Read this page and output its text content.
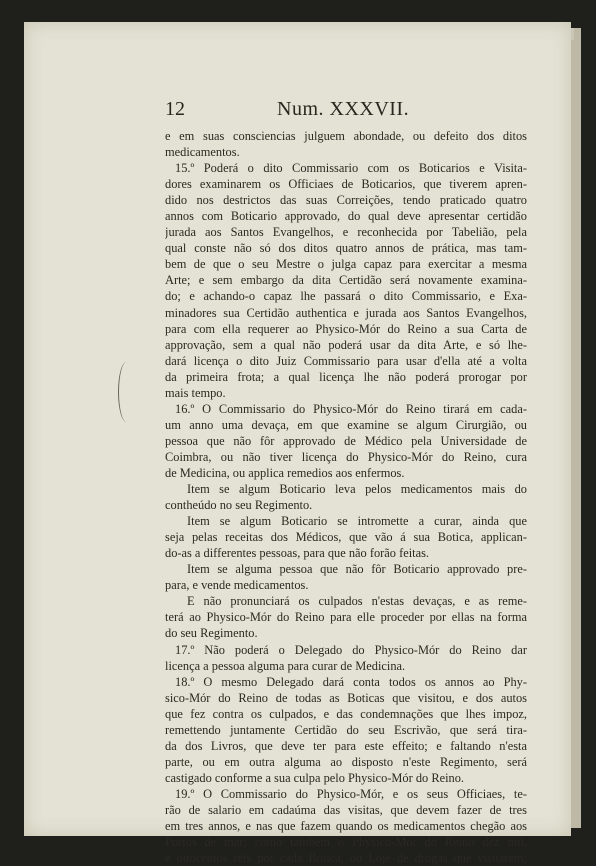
12	Num. XXXVII.
e em suas consciencias julguem abondade, ou defeito dos ditos
medicamentos.
15.º Poderá o dito Commissario com os Boticarios e Visita-
dores examinarem os Officiaes de Boticarios, que tiverem apren-
dido nos destrictos das suas Correições, tendo praticado quatro
annos com Boticario approvado, do qual deve apresentar certidão
jurada aos Santos Evangelhos, e reconhecida por Tabelião, pela
qual conste não só dos ditos quatro annos de prática, mas tam-
bem de que o seu Mestre o julga capaz para exercitar a mesma
Arte; e sem embargo da dita Certidão será novamente examina-
do; e achando-o capaz lhe passará o dito Commissario, e Exa-
minadores sua Certidão authentica e jurada aos Santos Evangelhos,
para com ella requerer ao Physico-Mór do Reino a sua Carta de
approvação, sem a qual não poderá usar da dita Arte, e só lhe-
dará licença o dito Juiz Commissario para usar d'ella até a volta
da primeira frota; a qual licença lhe não poderá prorogar por
mais tempo.
16.º O Commissario do Physico-Mór do Reino tirará em cada-
um anno uma devaça, em que examine se algum Cirurgião, ou
pessoa que não fôr approvado de Médico pela Universidade de
Coimbra, ou não tiver licença do Physico-Mór do Reino, cura
de Medicina, ou applica remedios aos enfermos.
Item se algum Boticario leva pelos medicamentos mais do
contheúdo no seu Regimento.
Item se algum Boticario se intromette a curar, ainda que
seja pelas receitas dos Médicos, que vão á sua Botica, applican-
do-as a differentes pessoas, para que não forão feitas.
Item se alguma pessoa que não fôr Boticario approvado pre-
para, e vende medicamentos.
E não pronunciará os culpados n'estas devaças, e as reme-
terá ao Physico-Mór do Reino para elle proceder por ellas na forma
do seu Regimento.
17.º Não poderá o Delegado do Physico-Mór do Reino dar
licença a pessoa alguma para curar de Medicina.
18.º O mesmo Delegado dará conta todos os annos ao Phy-
sico-Mór do Reino de todas as Boticas que visitou, e dos autos
que fez contra os culpados, e das condemnações que lhes impoz,
remettendo juntamente Certidão do seu Escrivão, que será tira-
da dos Livros, que deve ter para este effeito; e faltando n'esta
parte, ou em outra alguma ao disposto n'este Regimento, será
castigado conforme a sua culpa pelo Physico-Mór do Reino.
19.º O Commissario do Physico-Mór, e os seus Officiaes, te-
rão de salario em cadaúma das visitas, que devem fazer de tres
em tres annos, e nas que fazem quando os medicamentos chegão aos
Portos de mar; como tambem o Physico-Mór do Reino dez mil,
e oitocentos réis por cada Botica, ou Loje de drogas que visitarem;
